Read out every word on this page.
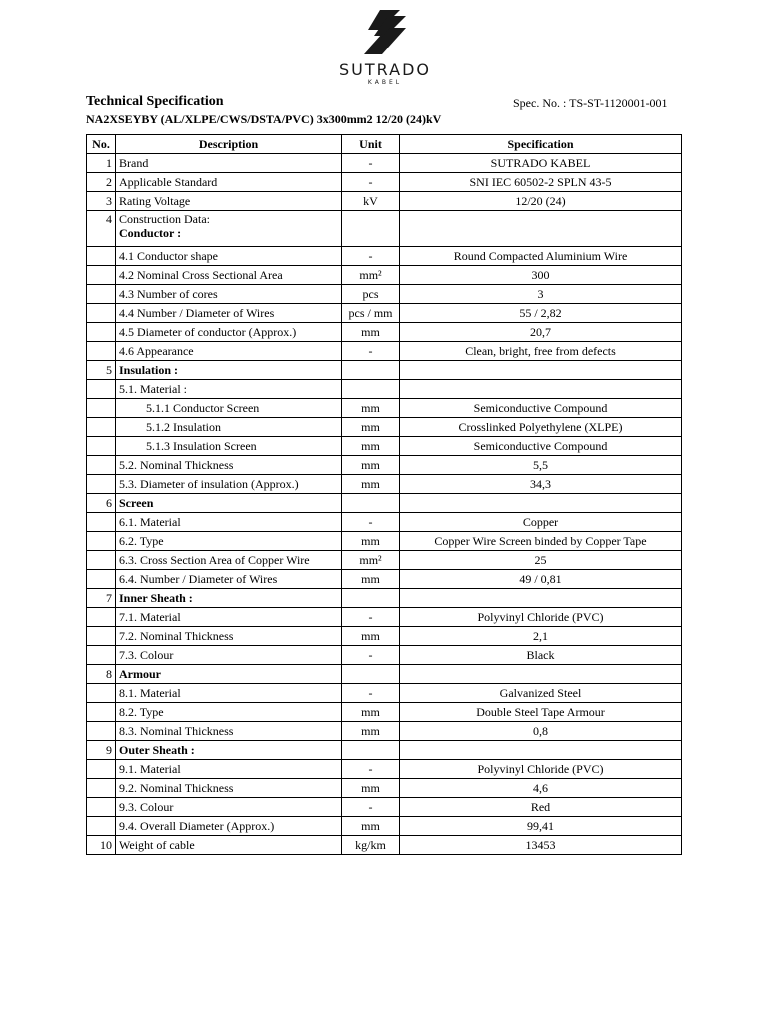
SUTRADO
KABEL
Technical Specification	Spec. No. : TS-ST-1120001-001
NA2XSEYBY (AL/XLPE/CWS/DSTA/PVC) 3x300mm2 12/20 (24)kV
No.	Description	Unit	Specification
1	Brand	-	SUTRADO KABEL
2	Applicable Standard	-	SNI IEC 60502-2 SPLN 43-5
3	Rating Voltage	kV	12/20 (24)
4	Construction Data:
Conductor :		

	4.1 Conductor shape	-	Round Compacted Aluminium Wire
	4.2 Nominal Cross Sectional Area	mm²	300
	4.3 Number of cores	pcs	3
	4.4 Number / Diameter of Wires	pcs / mm	55 / 2,82
	4.5 Diameter of conductor (Approx.)	mm	20,7
	4.6 Appearance	-	Clean, bright, free from defects
5	Insulation :		
	5.1. Material :		
	5.1.1 Conductor Screen	mm	Semiconductive Compound
	5.1.2 Insulation	mm	Crosslinked Polyethylene (XLPE)
	5.1.3 Insulation Screen	mm	Semiconductive Compound
	5.2. Nominal Thickness	mm	5,5
	5.3. Diameter of insulation (Approx.)	mm	34,3
6	Screen		
	6.1. Material	-	Copper
	6.2. Type	mm	Copper Wire Screen binded by Copper Tape
	6.3. Cross Section Area of Copper Wire	mm²	25
	6.4. Number / Diameter of Wires	mm	49 / 0,81
7	Inner Sheath :		
	7.1. Material	-	Polyvinyl Chloride (PVC)
	7.2. Nominal Thickness	mm	2,1
	7.3. Colour	-	Black
8	Armour		
	8.1. Material	-	Galvanized Steel
	8.2. Type	mm	Double Steel Tape Armour
	8.3. Nominal Thickness	mm	0,8
9	Outer Sheath :		
	9.1. Material	-	Polyvinyl Chloride (PVC)
	9.2. Nominal Thickness	mm	4,6
	9.3. Colour	-	Red
	9.4. Overall Diameter (Approx.)	mm	99,41
10	Weight of cable	kg/km	13453
